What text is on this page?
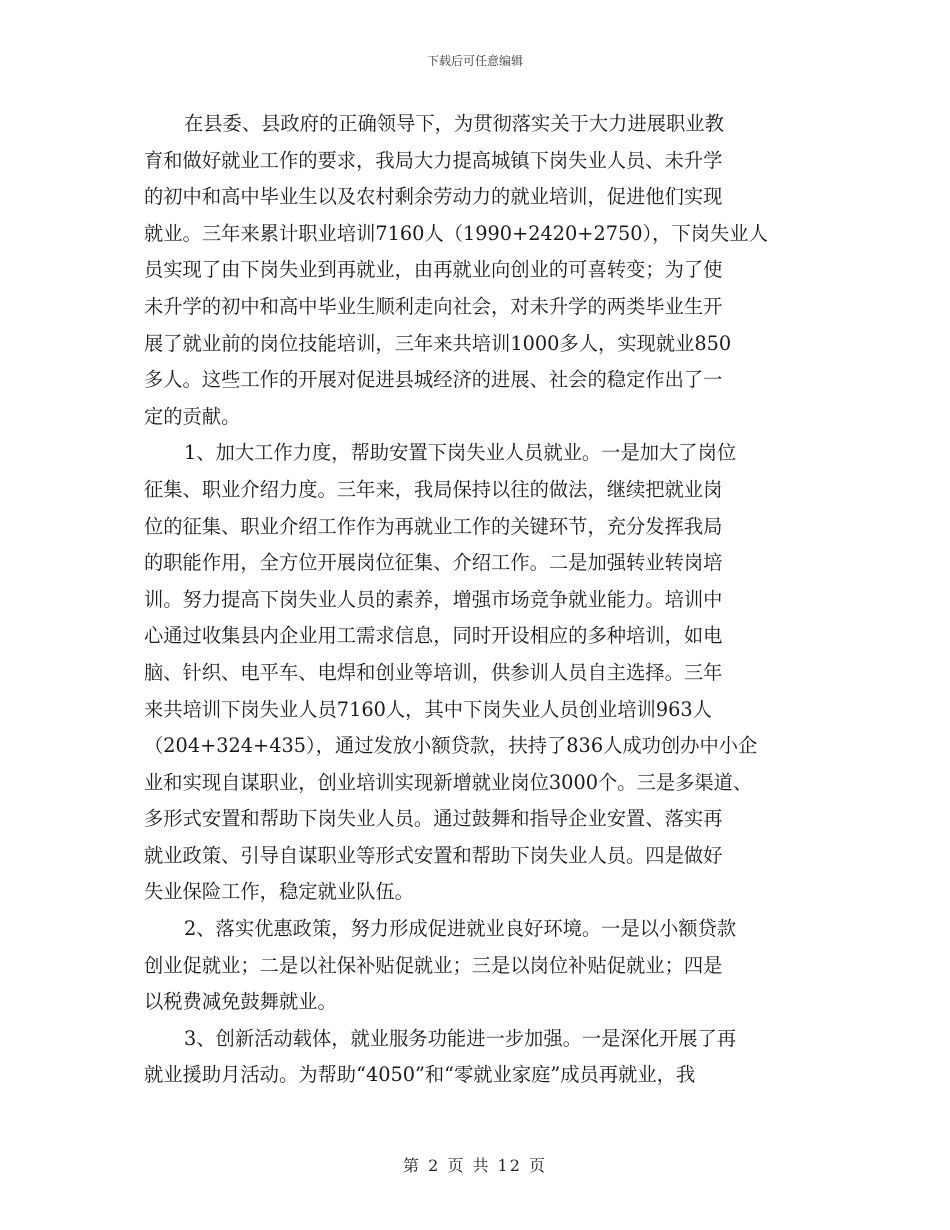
下载后可任意编辑
在县委、县政府的正确领导下，为贯彻落实关于大力进展职业教
育和做好就业工作的要求，我局大力提高城镇下岗失业人员、未升学
的初中和高中毕业生以及农村剩余劳动力的就业培训，促进他们实现
就业。三年来累计职业培训7160人（1990+2420+2750），下岗失业人
员实现了由下岗失业到再就业，由再就业向创业的可喜转变；为了使
未升学的初中和高中毕业生顺利走向社会，对未升学的两类毕业生开
展了就业前的岗位技能培训，三年来共培训1000多人，实现就业850
多人。这些工作的开展对促进县城经济的进展、社会的稳定作出了一
定的贡献。
1、加大工作力度，帮助安置下岗失业人员就业。一是加大了岗位
征集、职业介绍力度。三年来，我局保持以往的做法，继续把就业岗
位的征集、职业介绍工作作为再就业工作的关键环节，充分发挥我局
的职能作用，全方位开展岗位征集、介绍工作。二是加强转业转岗培
训。努力提高下岗失业人员的素养，增强市场竞争就业能力。培训中
心通过收集县内企业用工需求信息，同时开设相应的多种培训，如电
脑、针织、电平车、电焊和创业等培训，供参训人员自主选择。三年
来共培训下岗失业人员7160人，其中下岗失业人员创业培训963人
（204+324+435），通过发放小额贷款，扶持了836人成功创办中小企
业和实现自谋职业，创业培训实现新增就业岗位3000个。三是多渠道、
多形式安置和帮助下岗失业人员。通过鼓舞和指导企业安置、落实再
就业政策、引导自谋职业等形式安置和帮助下岗失业人员。四是做好
失业保险工作，稳定就业队伍。
2、落实优惠政策，努力形成促进就业良好环境。一是以小额贷款
创业促就业；二是以社保补贴促就业；三是以岗位补贴促就业；四是
以税费减免鼓舞就业。
3、创新活动载体，就业服务功能进一步加强。一是深化开展了再
就业援助月活动。为帮助“4050”和“零就业家庭”成员再就业，我
第 2 页 共 12 页
